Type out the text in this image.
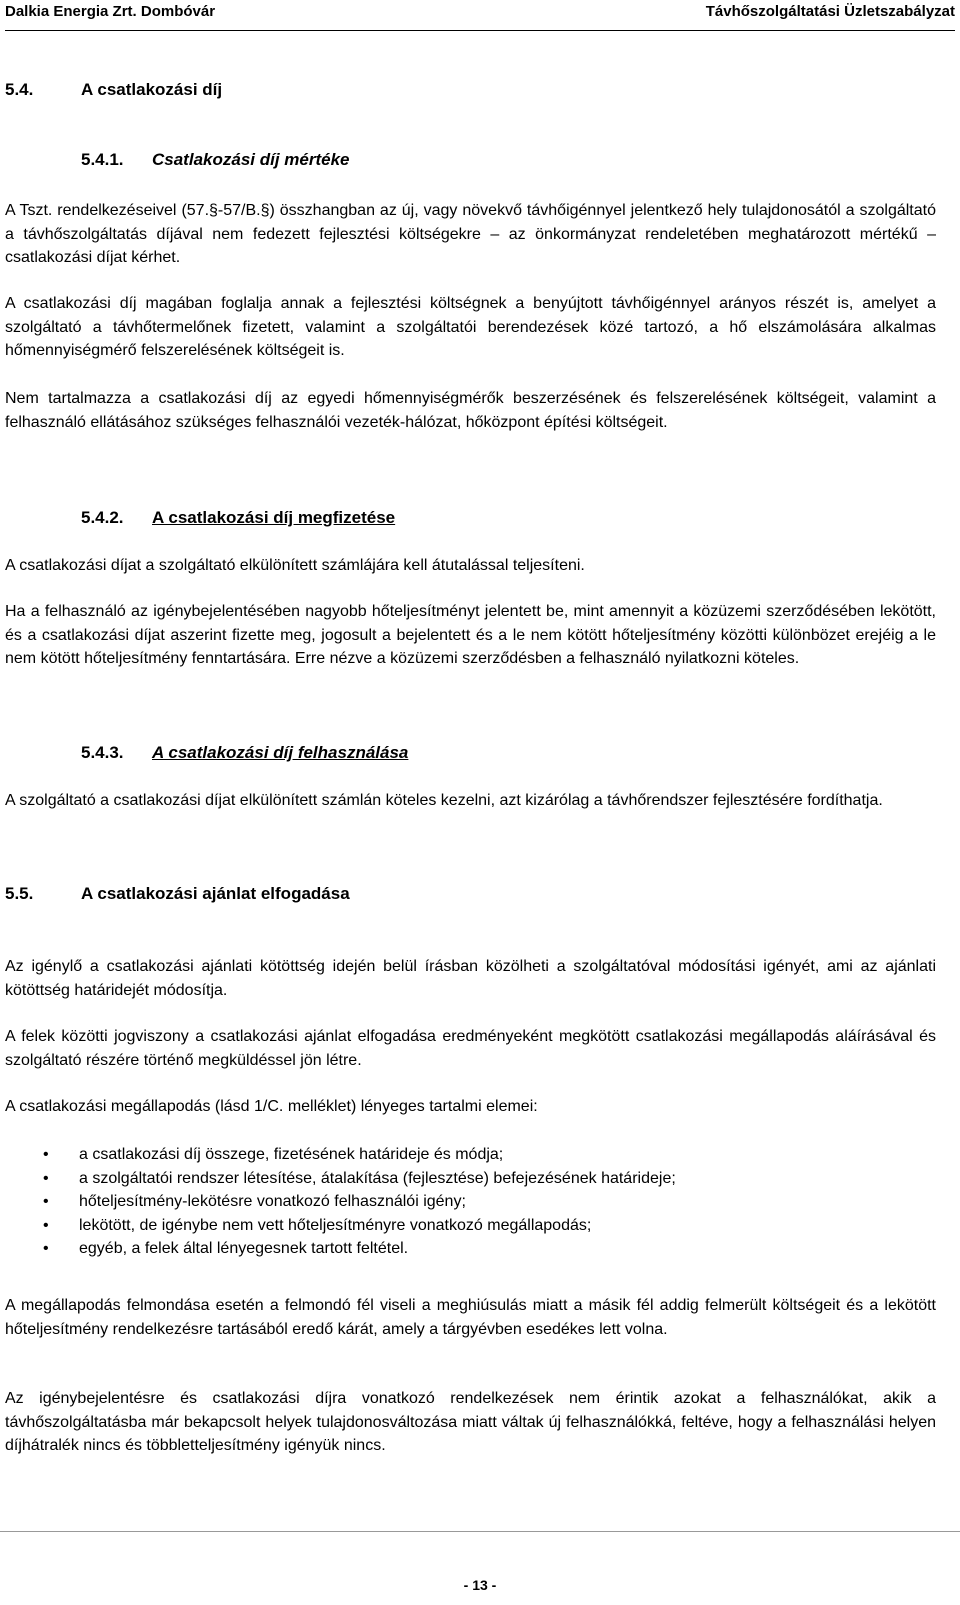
Dalkia Energia Zrt. Dombóvár	Távhőszolgáltatási Üzletszabályzat
5.4.	A csatlakozási díj
5.4.1. Csatlakozási díj mértéke

A Tszt. rendelkezéseivel (57.§-57/B.§) összhangban az új, vagy növekvő távhőigénnyel jelentkező hely tulajdonosától a szolgáltató a távhőszolgáltatás díjával nem fedezett fejlesztési költségekre – az önkormányzat rendeletében meghatározott mértékű – csatlakozási díjat kérhet.

A csatlakozási díj magában foglalja annak a fejlesztési költségnek a benyújtott távhőigénnyel arányos részét is, amelyet a szolgáltató a távhőtermelőnek fizetett, valamint a szolgáltatói berendezések közé tartozó, a hő elszámolására alkalmas hőmennyiségmérő felszerelésének költségeit is.

Nem tartalmazza a csatlakozási díj az egyedi hőmennyiségmérők beszerzésének és felszerelésének költségeit, valamint a felhasználó ellátásához szükséges felhasználói vezeték-hálózat, hőközpont építési költségeit.

5.4.2. A csatlakozási díj megfizetése

A csatlakozási díjat a szolgáltató elkülönített számlájára kell átutalással teljesíteni.

Ha a felhasználó az igénybejelentésében nagyobb hőteljesítményt jelentett be, mint amennyit a közüzemi szerződésében lekötött, és a csatlakozási díjat aszerint fizette meg, jogosult a bejelentett és a le nem kötött hőteljesítmény közötti különbözet erejéig a le nem kötött hőteljesítmény fenntartására. Erre nézve a közüzemi szerződésben a felhasználó nyilatkozni köteles.

5.4.3. A csatlakozási díj felhasználása

A szolgáltató a csatlakozási díjat elkülönített számlán köteles kezelni, azt kizárólag a távhőrendszer fejlesztésére fordíthatja.

5.5.	A csatlakozási ajánlat elfogadása

Az igénylő a csatlakozási ajánlati kötöttség idején belül írásban közölheti a szolgáltatóval módosítási igényét, ami az ajánlati kötöttség határidejét módosítja.

A felek közötti jogviszony a csatlakozási ajánlat elfogadása eredményeként megkötött csatlakozási megállapodás aláírásával és szolgáltató részére történő megküldéssel jön létre.

A csatlakozási megállapodás (lásd 1/C. melléklet) lényeges tartalmi elemei:

• a csatlakozási díj összege, fizetésének határideje és módja;
• a szolgáltatói rendszer létesítése, átalakítása (fejlesztése) befejezésének határideje;
• hőteljesítmény-lekötésre vonatkozó felhasználói igény;
• lekötött, de igénybe nem vett hőteljesítményre vonatkozó megállapodás;
• egyéb, a felek által lényegesnek tartott feltétel.

A megállapodás felmondása esetén a felmondó fél viseli a meghiúsulás miatt a másik fél addig felmerült költségeit és a lekötött hőteljesítmény rendelkezésre tartásából eredő kárát, amely a tárgyévben esedékes lett volna.

Az igénybejelentésre és csatlakozási díjra vonatkozó rendelkezések nem érintik azokat a felhasználókat, akik a távhőszolgáltatásba már bekapcsolt helyek tulajdonosváltozása miatt váltak új felhasználókká, feltéve, hogy a felhasználási helyen díjhátralék nincs és többletteljesítmény igényük nincs.

- 13 -
